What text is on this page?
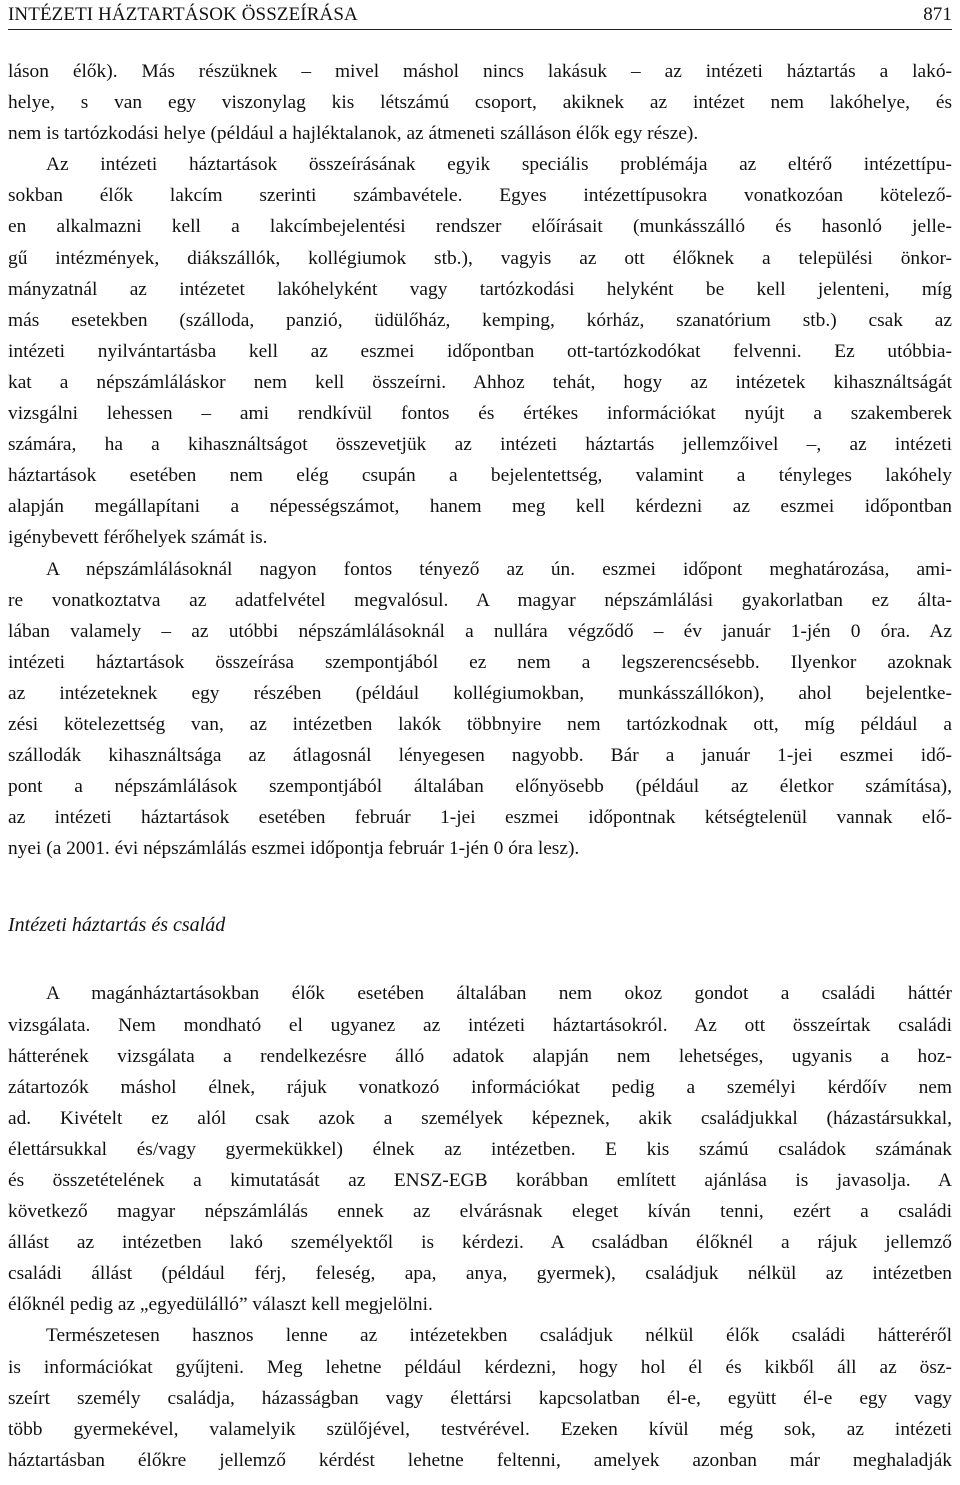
INTÉZETI HÁZTARTÁSOK ÖSSZEÍRÁSA	871

láson élők). Más részüknek – mivel máshol nincs lakásuk – az intézeti háztartás a lakó-
helye, s van egy viszonylag kis létszámú csoport, akiknek az intézet nem lakóhelye, és
nem is tartózkodási helye (például a hajléktalanok, az átmeneti szálláson élők egy része).

Az intézeti háztartások összeírásának egyik speciális problémája az eltérő intézettípu-
sokban élők lakcím szerinti számbavétele. Egyes intézettípusokra vonatkozóan kötelező-
en alkalmazni kell a lakcímbejelentési rendszer előírásait (munkásszálló és hasonló jelle-
gű intézmények, diákszállók, kollégiumok stb.), vagyis az ott élőknek a települési önkor-
mányzatnál az intézetet lakóhelyként vagy tartózkodási helyként be kell jelenteni, míg
más esetekben (szálloda, panzió, üdülőház, kemping, kórház, szanatórium stb.) csak az
intézeti nyilvántartásba kell az eszmei időpontban ott-tartózkodókat felvenni. Ez utóbbia-
kat a népszámláláskor nem kell összeírni. Ahhoz tehát, hogy az intézetek kihasználtságát
vizsgálni lehessen – ami rendkívül fontos és értékes információkat nyújt a szakemberek
számára, ha a kihasználtságot összevetjük az intézeti háztartás jellemzőivel –, az intézeti
háztartások esetében nem elég csupán a bejelentettség, valamint a tényleges lakóhely
alapján megállapítani a népességszámot, hanem meg kell kérdezni az eszmei időpontban
igénybevett férőhelyek számát is.

A népszámlálásoknál nagyon fontos tényező az ún. eszmei időpont meghatározása, ami-
re vonatkoztatva az adatfelvétel megvalósul. A magyar népszámlálási gyakorlatban ez álta-
lában valamely – az utóbbi népszámlálásoknál a nullára végződő – év január 1-jén 0 óra. Az
intézeti háztartások összeírása szempontjából ez nem a legszerencsésebb. Ilyenkor azoknak
az intézeteknek egy részében (például kollégiumokban, munkásszállókon), ahol bejelentke-
zési kötelezettség van, az intézetben lakók többnyire nem tartózkodnak ott, míg például a
szállodák kihasználtsága az átlagosnál lényegesen nagyobb. Bár a január 1-jei eszmei idő-
pont a népszámlálások szempontjából általában előnyösebb (például az életkor számítása),
az intézeti háztartások esetében február 1-jei eszmei időpontnak kétségtelenül vannak elő-
nyei (a 2001. évi népszámlálás eszmei időpontja február 1-jén 0 óra lesz).

Intézeti háztartás és család

A magánháztartásokban élők esetében általában nem okoz gondot a családi háttér
vizsgálata. Nem mondható el ugyanez az intézeti háztartásokról. Az ott összeírtak családi
hátterének vizsgálata a rendelkezésre álló adatok alapján nem lehetséges, ugyanis a hoz-
zátartozók máshol élnek, rájuk vonatkozó információkat pedig a személyi kérdőív nem
ad. Kivételt ez alól csak azok a személyek képeznek, akik családjukkal (házastársukkal,
élettársukkal és/vagy gyermekükkel) élnek az intézetben. E kis számú családok számának
és összetételének a kimutatását az ENSZ-EGB korábban említett ajánlása is javasolja. A
következő magyar népszámlálás ennek az elvárásnak eleget kíván tenni, ezért a családi
állást az intézetben lakó személyektől is kérdezi. A családban élőknél a rájuk jellemző
családi állást (például férj, feleség, apa, anya, gyermek), családjuk nélkül az intézetben
élőknél pedig az „egyedülálló” választ kell megjelölni.

Természetesen hasznos lenne az intézetekben családjuk nélkül élők családi hátteréről
is információkat gyűjteni. Meg lehetne például kérdezni, hogy hol él és kikből áll az ösz-
szeírt személy családja, házasságban vagy élettársi kapcsolatban él-e, együtt él-e egy vagy
több gyermekével, valamelyik szülőjével, testvérével. Ezeken kívül még sok, az intézeti
háztartásban élőkre jellemző kérdést lehetne feltenni, amelyek azonban már meghaladják
